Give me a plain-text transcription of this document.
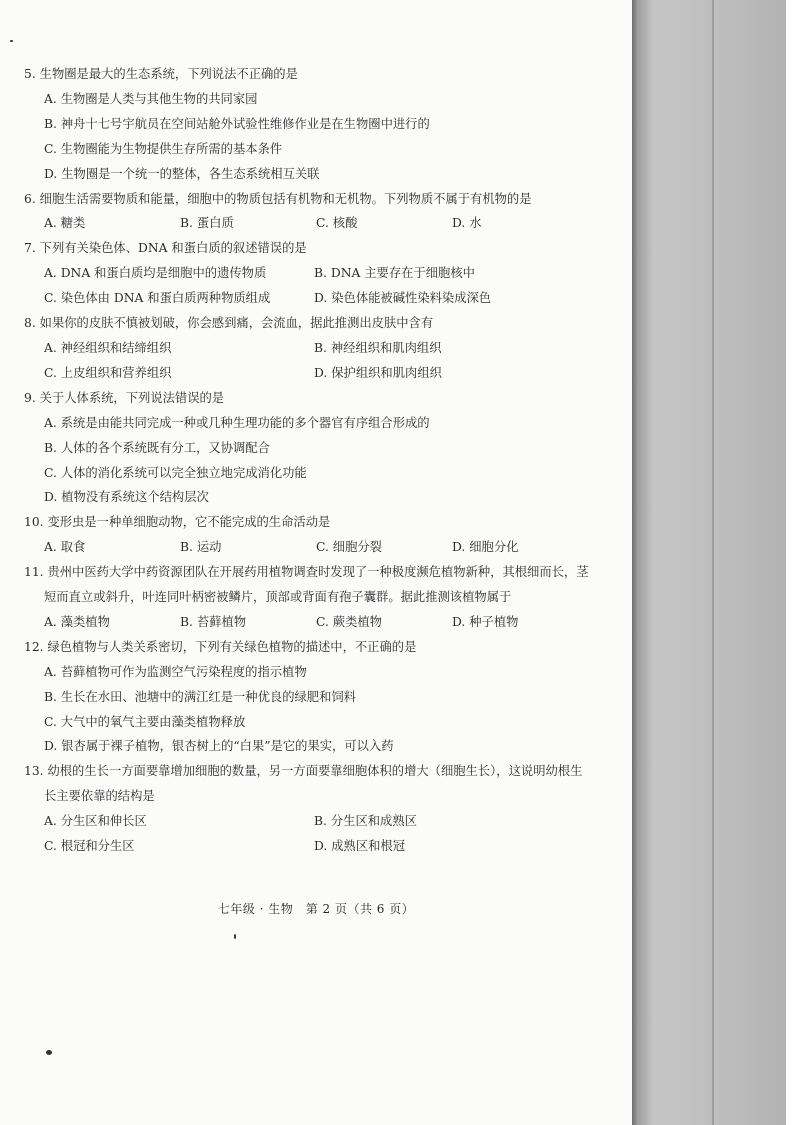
5. 生物圈是最大的生态系统，下列说法不正确的是
A. 生物圈是人类与其他生物的共同家园
B. 神舟十七号宇航员在空间站舱外试验性维修作业是在生物圈中进行的
C. 生物圈能为生物提供生存所需的基本条件
D. 生物圈是一个统一的整体，各生态系统相互关联
6. 细胞生活需要物质和能量，细胞中的物质包括有机物和无机物。下列物质不属于有机物的是
A. 糖类	B. 蛋白质	C. 核酸	D. 水
7. 下列有关染色体、DNA 和蛋白质的叙述错误的是
A. DNA 和蛋白质均是细胞中的遗传物质	B. DNA 主要存在于细胞核中
C. 染色体由 DNA 和蛋白质两种物质组成	D. 染色体能被碱性染料染成深色
8. 如果你的皮肤不慎被划破，你会感到痛，会流血，据此推测出皮肤中含有
A. 神经组织和结缔组织	B. 神经组织和肌肉组织
C. 上皮组织和营养组织	D. 保护组织和肌肉组织
9. 关于人体系统，下列说法错误的是
A. 系统是由能共同完成一种或几种生理功能的多个器官有序组合形成的
B. 人体的各个系统既有分工，又协调配合
C. 人体的消化系统可以完全独立地完成消化功能
D. 植物没有系统这个结构层次
10. 变形虫是一种单细胞动物，它不能完成的生命活动是
A. 取食	B. 运动	C. 细胞分裂	D. 细胞分化
11. 贵州中医药大学中药资源团队在开展药用植物调查时发现了一种极度濒危植物新种，其根细而长，茎短而直立或斜升，叶连同叶柄密被鳞片，顶部或背面有孢子囊群。据此推测该植物属于
A. 藻类植物	B. 苔藓植物	C. 蕨类植物	D. 种子植物
12. 绿色植物与人类关系密切，下列有关绿色植物的描述中，不正确的是
A. 苔藓植物可作为监测空气污染程度的指示植物
B. 生长在水田、池塘中的满江红是一种优良的绿肥和饲料
C. 大气中的氧气主要由藻类植物释放
D. 银杏属于裸子植物，银杏树上的“白果”是它的果实，可以入药
13. 幼根的生长一方面要靠增加细胞的数量，另一方面要靠细胞体积的增大（细胞生长），这说明幼根生长主要依靠的结构是
A. 分生区和伸长区	B. 分生区和成熟区
C. 根冠和分生区	D. 成熟区和根冠
七年级 · 生物　第 2 页（共 6 页）
